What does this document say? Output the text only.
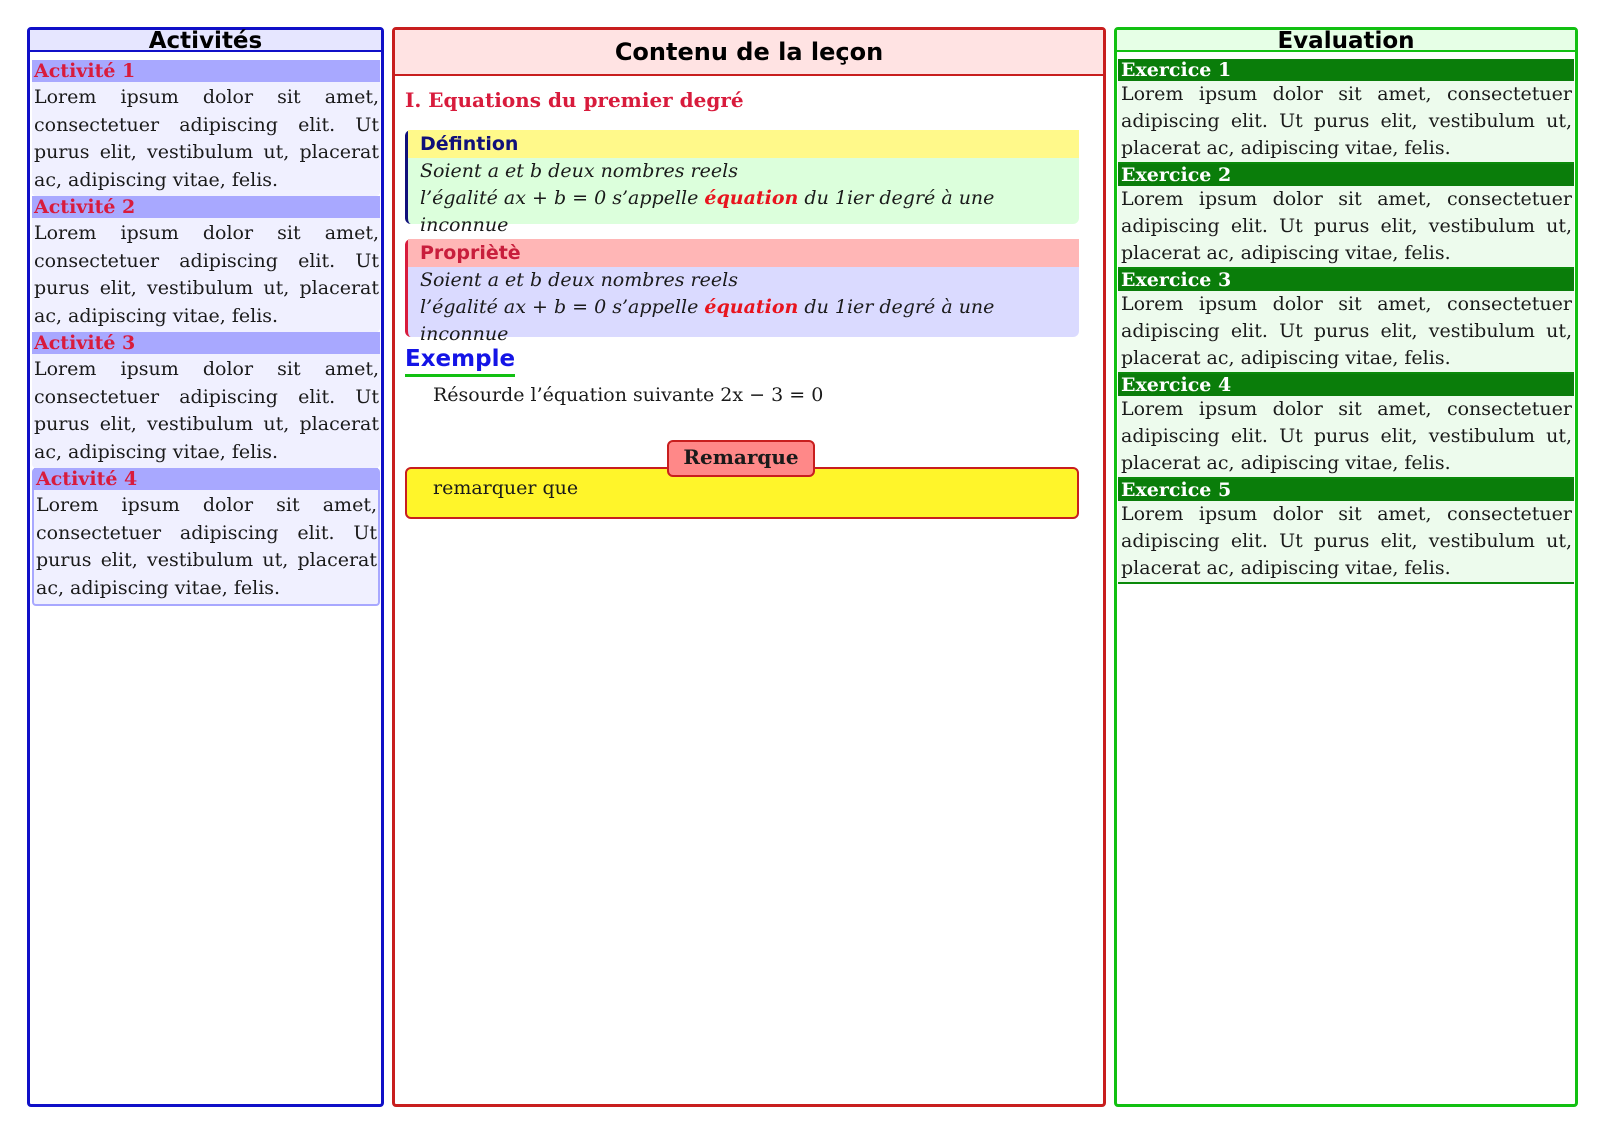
Activités
Activité 1
Lorem ipsum dolor sit amet, consectetuer adipiscing elit. Ut purus elit, vestibulum ut, placerat ac, adipiscing vitae, felis.
Activité 2
Lorem ipsum dolor sit amet, consectetuer adipiscing elit. Ut purus elit, vestibulum ut, placerat ac, adipiscing vitae, felis.
Activité 3
Lorem ipsum dolor sit amet, consectetuer adipiscing elit. Ut purus elit, vestibulum ut, placerat ac, adipiscing vitae, felis.
Activité 4
Lorem ipsum dolor sit amet, consectetuer adipiscing elit. Ut purus elit, vestibulum ut, placerat ac, adipiscing vitae, felis.
Contenu de la leçon
I. Equations du premier degré
Défintion
Soient a et b deux nombres reels
l’égalité ax + b = 0 s’appelle équation du 1ier degré à une inconnue
Propriètè
Soient a et b deux nombres reels
l’égalité ax + b = 0 s’appelle équation du 1ier degré à une inconnue
Exemple
Résourde l’équation suivante 2x − 3 = 0
remarquer que
Remarque
Evaluation
Exercice 1
Lorem ipsum dolor sit amet, consectetuer adipiscing elit. Ut purus elit, vestibulum ut, placerat ac, adipiscing vitae, felis.
Exercice 2
Lorem ipsum dolor sit amet, consectetuer adipiscing elit. Ut purus elit, vestibulum ut, placerat ac, adipiscing vitae, felis.
Exercice 3
Lorem ipsum dolor sit amet, consectetuer adipiscing elit. Ut purus elit, vestibulum ut, placerat ac, adipiscing vitae, felis.
Exercice 4
Lorem ipsum dolor sit amet, consectetuer adipiscing elit. Ut purus elit, vestibulum ut, placerat ac, adipiscing vitae, felis.
Exercice 5
Lorem ipsum dolor sit amet, consectetuer adipiscing elit. Ut purus elit, vestibulum ut, placerat ac, adipiscing vitae, felis.
